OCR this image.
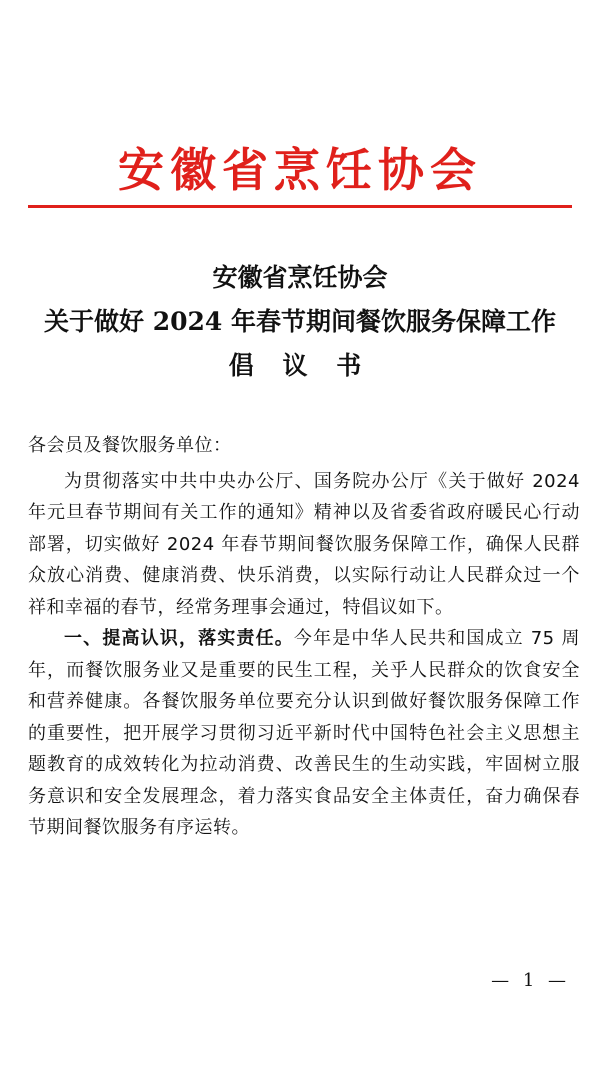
安徽省烹饪协会
安徽省烹饪协会
关于做好 2024 年春节期间餐饮服务保障工作
倡 议 书

各会员及餐饮服务单位：

为贯彻落实中共中央办公厅、国务院办公厅《关于做好 2024 年元旦春节期间有关工作的通知》精神以及省委省政府暖民心行动部署，切实做好 2024 年春节期间餐饮服务保障工作，确保人民群众放心消费、健康消费、快乐消费，以实际行动让人民群众过一个祥和幸福的春节，经常务理事会通过，特倡议如下。

一、提高认识，落实责任。今年是中华人民共和国成立 75 周年，而餐饮服务业又是重要的民生工程，关乎人民群众的饮食安全和营养健康。各餐饮服务单位要充分认识到做好餐饮服务保障工作的重要性，把开展学习贯彻习近平新时代中国特色社会主义思想主题教育的成效转化为拉动消费、改善民生的生动实践，牢固树立服务意识和安全发展理念，着力落实食品安全主体责任，奋力确保春节期间餐饮服务有序运转。

— 1 —
